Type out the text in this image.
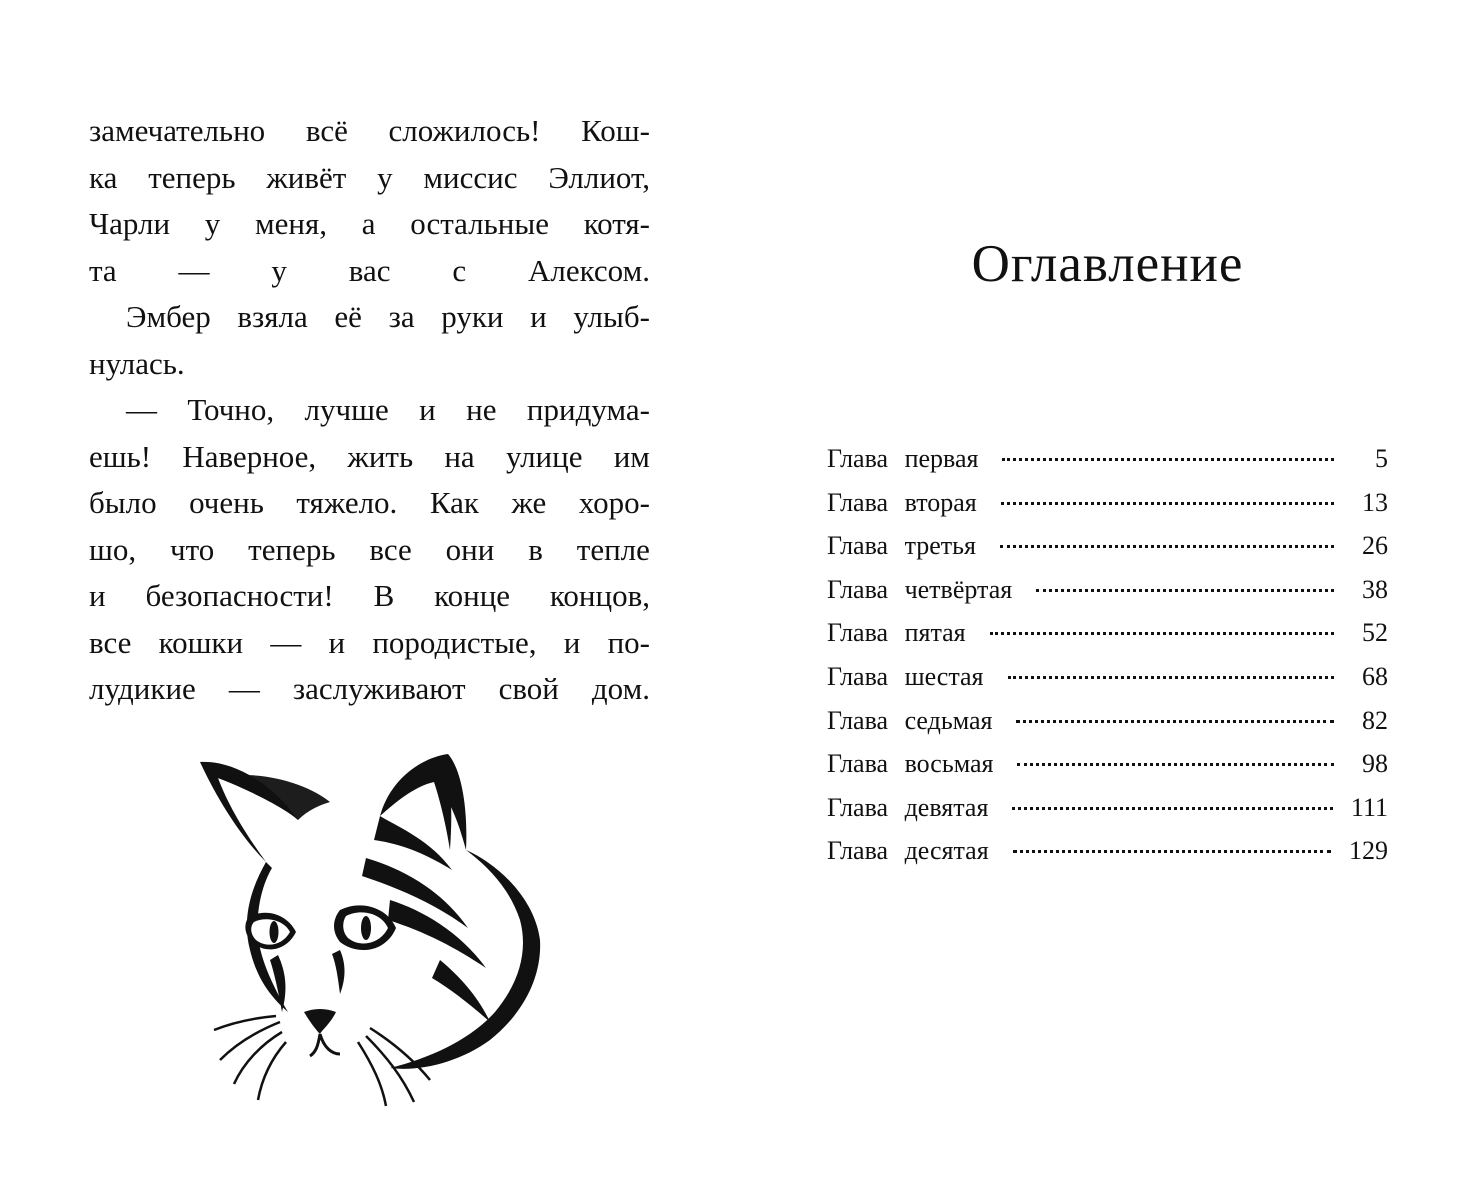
замечательно всё сложилось! Кош-
ка теперь живёт у миссис Эллиот,
Чарли у меня, а остальные котя-
та — у вас с Алексом.
Эмбер взяла её за руки и улыб-
нулась.
— Точно, лучше и не придума-
ешь! Наверное, жить на улице им
было очень тяжело. Как же хоро-
шо, что теперь все они в тепле
и безопасности! В конце концов,
все кошки — и породистые, и по-
лудикие — заслуживают свой дом.
Оглавление
Глава первая	5
Глава вторая	13
Глава третья	26
Глава четвёртая	38
Глава пятая	52
Глава шестая	68
Глава седьмая	82
Глава восьмая	98
Глава девятая	111
Глава десятая	129
